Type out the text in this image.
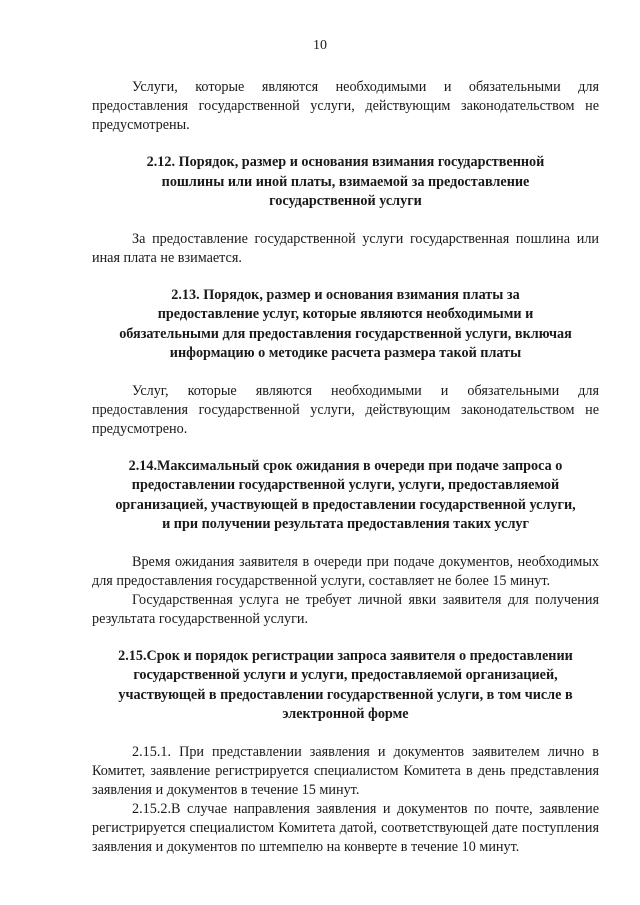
10

Услуги, которые являются необходимыми и обязательными для предоставления государственной услуги, действующим законодательством не предусмотрены.

2.12. Порядок, размер и основания взимания государственной
пошлины или иной платы, взимаемой за предоставление
государственной услуги

За предоставление государственной услуги государственная пошлина или иная плата не взимается.

2.13. Порядок, размер и основания взимания платы за
предоставление услуг, которые являются необходимыми и
обязательными для предоставления государственной услуги, включая
информацию о методике расчета размера такой платы

Услуг, которые являются необходимыми и обязательными для предоставления государственной услуги, действующим законодательством не предусмотрено.

2.14.Максимальный срок ожидания в очереди при подаче запроса о
предоставлении государственной услуги, услуги, предоставляемой
организацией, участвующей в предоставлении государственной услуги,
и при получении результата предоставления таких услуг

Время ожидания заявителя в очереди при подаче документов, необходимых для предоставления государственной услуги, составляет не более 15 минут.

Государственная услуга не требует личной явки заявителя для получения результата государственной услуги.

2.15.Срок и порядок регистрации запроса заявителя о предоставлении
государственной услуги и услуги, предоставляемой организацией,
участвующей в предоставлении государственной услуги, в том числе в
электронной форме

2.15.1. При представлении заявления и документов заявителем лично в Комитет, заявление регистрируется специалистом Комитета в день представления заявления и документов в течение 15 минут.

2.15.2.В случае направления заявления и документов по почте, заявление регистрируется специалистом Комитета датой, соответствующей дате поступления заявления и документов по штемпелю на конверте в течение 10 минут.
